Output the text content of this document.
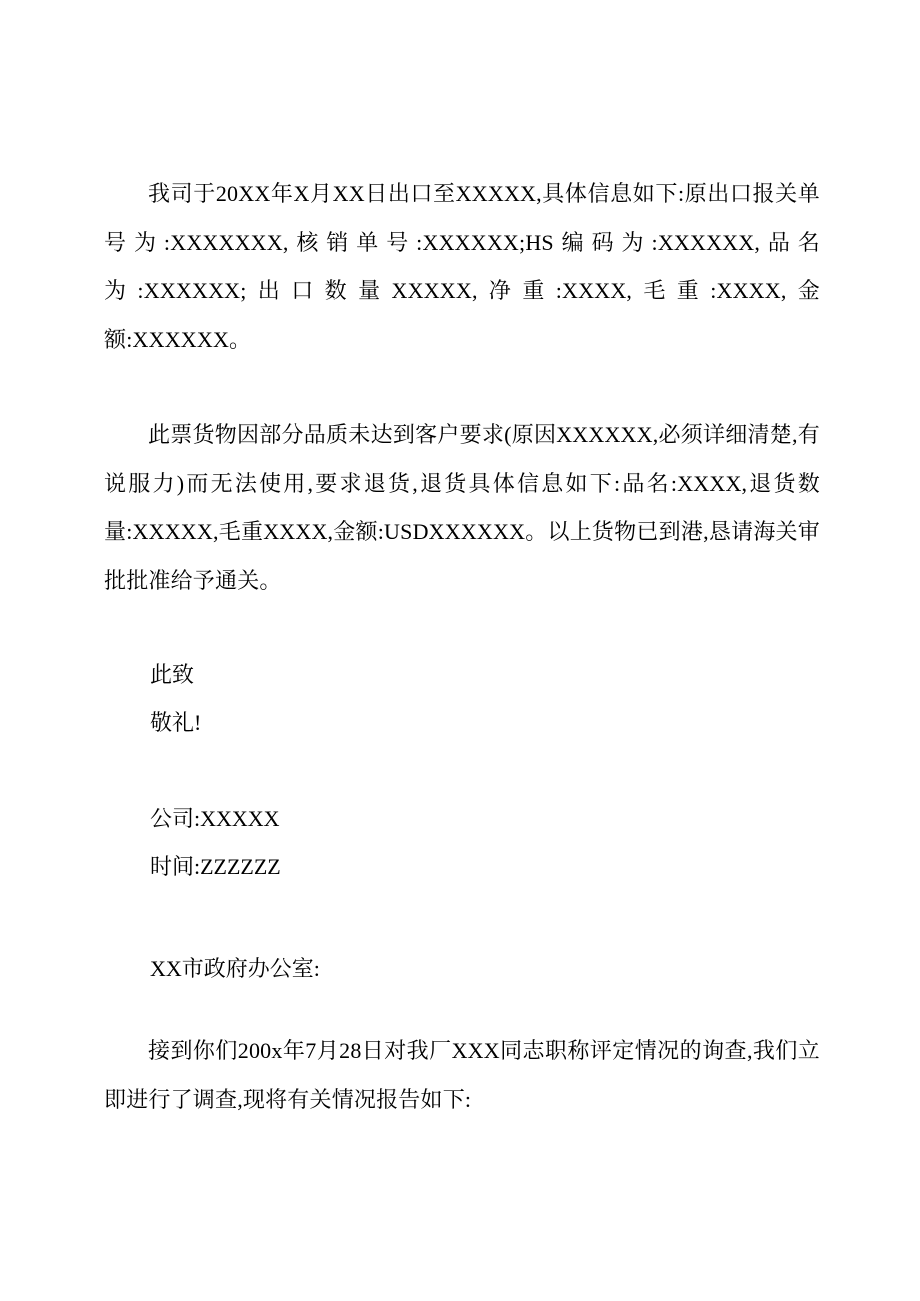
我司于20XX年X月XX日出口至XXXXX,具体信息如下:原出口报关单号为:XXXXXXX,核销单号:XXXXXX;HS编码为:XXXXXX,品名为:XXXXXX;出口数量XXXXX,净重:XXXX,毛重:XXXX,金额:XXXXXX。

此票货物因部分品质未达到客户要求(原因XXXXXX,必须详细清楚,有说服力)而无法使用,要求退货,退货具体信息如下:品名:XXXX,退货数量:XXXXX,毛重XXXX,金额:USDXXXXXX。以上货物已到港,恳请海关审批批准给予通关。

此致

敬礼!

公司:XXXXX

时间:ZZZZZZ

XX市政府办公室:

接到你们200x年7月28日对我厂XXX同志职称评定情况的询查,我们立即进行了调查,现将有关情况报告如下:
